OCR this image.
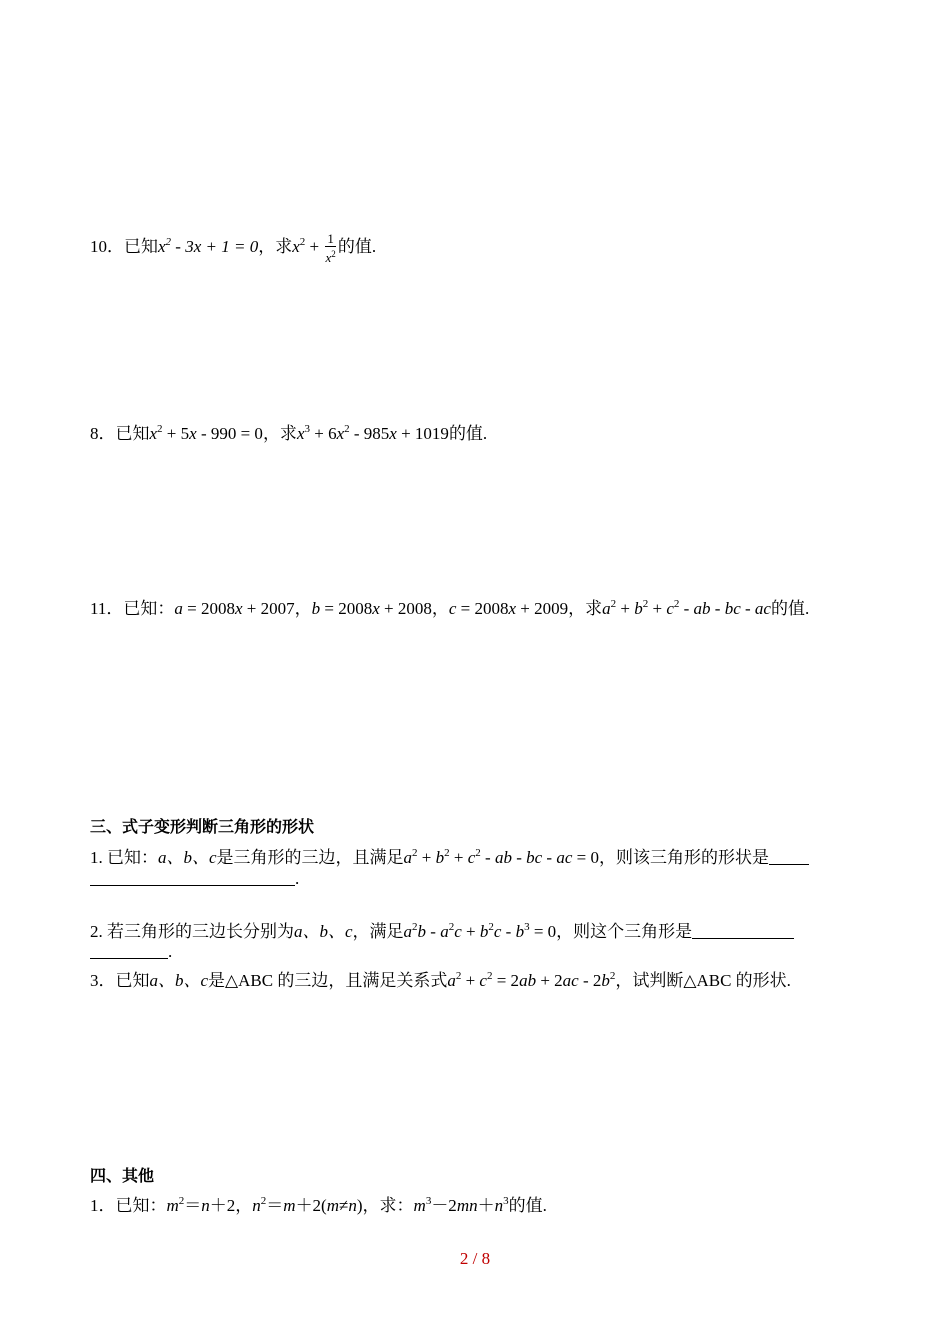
10．已知$x^2 - 3x + 1 = 0$，求$x^2 + \frac{1}{x^2}$ 的值.
8．已知$x^2 + 5x - 990 = 0$，求$x^3 + 6x^2 - 985x + 1019$的值.
11．已知：a = 2008x + 2007，b = 2008x + 2008，c = 2008x + 2009，求$a^2 + b^2 + c^2$ - ab - bc - ac的值.
三、式子变形判断三角形的形状
1. 已知：a、b、c是三角形的三边，且满足$a^2 + b^2 + c^2$ - ab - bc - ac = 0，则该三角形的形状是
.
2. 若三角形的三边长分别为a、b、c，满足$a^2b - a^2c + b^2c - b^3 = 0$，则这个三角形是
.
3．已知a、b、c是△ABC 的三边，且满足关系式$a^2 + c^2 = 2ab + 2ac - 2b^2$，试判断△ABC 的形状.
四、其他
1．已知：$m^2=n+2$，$n^2=m+2(m\ne n)$，求：$m^3-2mn+n^3$的值.
2 / 8
